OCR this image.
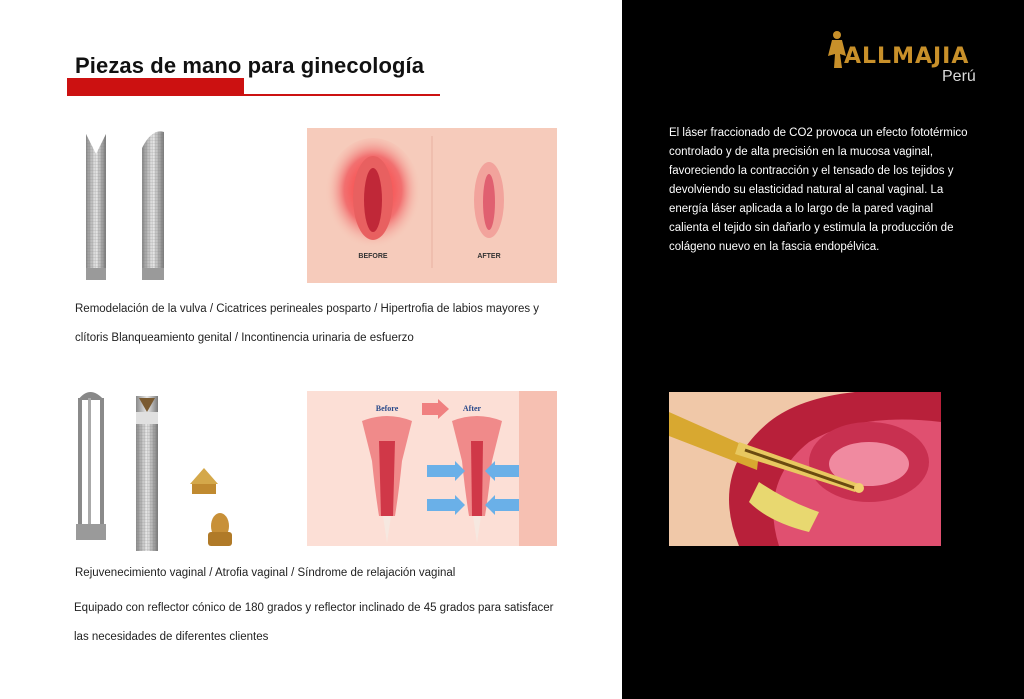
Piezas de mano para ginecología
BEFORE	AFTER

Remodelación de la vulva / Cicatrices perineales posparto / Hipertrofia de labios mayores y

clítoris Blanqueamiento genital / Incontinencia urinaria de esfuerzo

Before	After

Rejuvenecimiento vaginal / Atrofia vaginal / Síndrome de relajación vaginal

Equipado con reflector cónico de 180 grados y reflector inclinado de 45 grados para satisfacer

las necesidades de diferentes clientes

ALLMAJIA
Perú

El láser fraccionado de CO2 provoca un efecto fototérmico controlado y de alta precisión en la mucosa vaginal, favoreciendo la contracción y el tensado de los tejidos y devolviendo su elasticidad natural al canal vaginal. La energía láser aplicada a lo largo de la pared vaginal calienta el tejido sin dañarlo y estimula la producción de colágeno nuevo en la fascia endopélvica.
